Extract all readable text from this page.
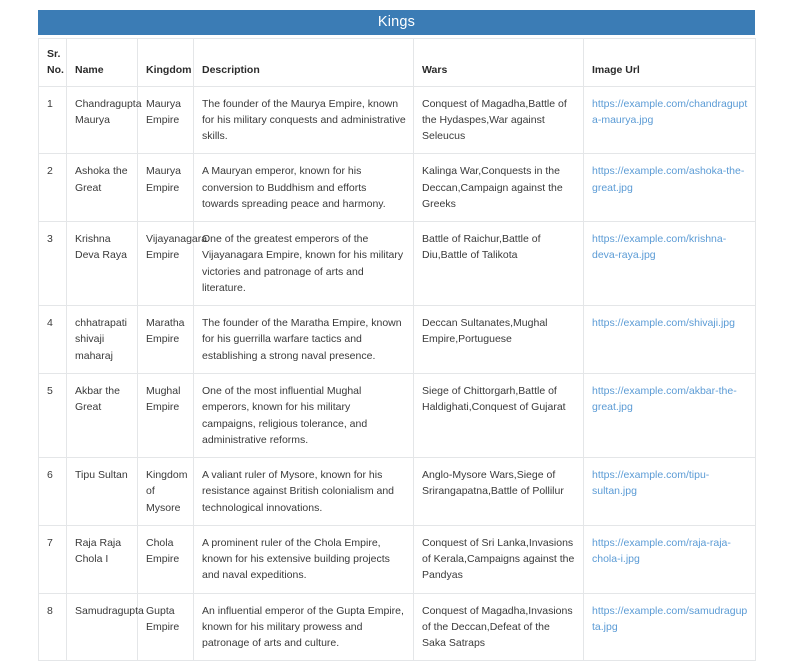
Kings
Sr. No.	Name	Kingdom	Description	Wars	Image Url
1	Chandragupta Maurya	Maurya Empire	The founder of the Maurya Empire, known for his military conquests and administrative skills.	Conquest of Magadha,Battle of the Hydaspes,War against Seleucus	https://example.com/chandragupta-maurya.jpg
2	Ashoka the Great	Maurya Empire	A Mauryan emperor, known for his conversion to Buddhism and efforts towards spreading peace and harmony.	Kalinga War,Conquests in the Deccan,Campaign against the Greeks	https://example.com/ashoka-the-great.jpg
3	Krishna Deva Raya	Vijayanagara Empire	One of the greatest emperors of the Vijayanagara Empire, known for his military victories and patronage of arts and literature.	Battle of Raichur,Battle of Diu,Battle of Talikota	https://example.com/krishna-deva-raya.jpg
4	chhatrapati shivaji maharaj	Maratha Empire	The founder of the Maratha Empire, known for his guerrilla warfare tactics and establishing a strong naval presence.	Deccan Sultanates,Mughal Empire,Portuguese	https://example.com/shivaji.jpg
5	Akbar the Great	Mughal Empire	One of the most influential Mughal emperors, known for his military campaigns, religious tolerance, and administrative reforms.	Siege of Chittorgarh,Battle of Haldighati,Conquest of Gujarat	https://example.com/akbar-the-great.jpg
6	Tipu Sultan	Kingdom of Mysore	A valiant ruler of Mysore, known for his resistance against British colonialism and technological innovations.	Anglo-Mysore Wars,Siege of Srirangapatna,Battle of Pollilur	https://example.com/tipu-sultan.jpg
7	Raja Raja Chola I	Chola Empire	A prominent ruler of the Chola Empire, known for his extensive building projects and naval expeditions.	Conquest of Sri Lanka,Invasions of Kerala,Campaigns against the Pandyas	https://example.com/raja-raja-chola-i.jpg
8	Samudragupta	Gupta Empire	An influential emperor of the Gupta Empire, known for his military prowess and patronage of arts and culture.	Conquest of Magadha,Invasions of the Deccan,Defeat of the Saka Satraps	https://example.com/samudragupta.jpg
